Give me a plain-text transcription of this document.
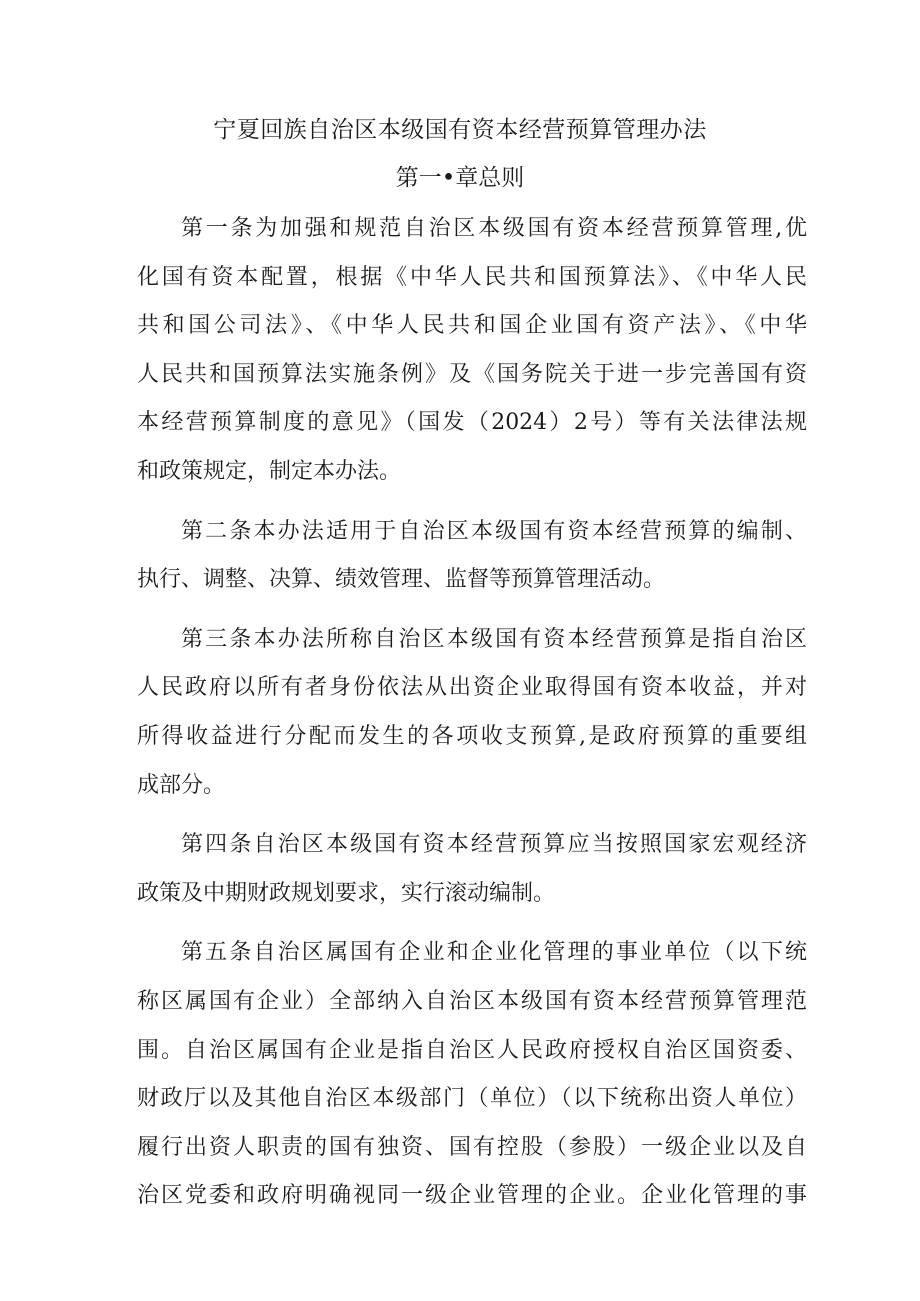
宁夏回族自治区本级国有资本经营预算管理办法
第一•章总则

第一条为加强和规范自治区本级国有资本经营预算管理,优
化国有资本配置，根据《中华人民共和国预算法》、《中华人民
共和国公司法》、《中华人民共和国企业国有资产法》、《中华
人民共和国预算法实施条例》及《国务院关于进一步完善国有资
本经营预算制度的意见》（国发（2024）2号）等有关法律法规
和政策规定，制定本办法。

第二条本办法适用于自治区本级国有资本经营预算的编制、
执行、调整、决算、绩效管理、监督等预算管理活动。

第三条本办法所称自治区本级国有资本经营预算是指自治区
人民政府以所有者身份依法从出资企业取得国有资本收益，并对
所得收益进行分配而发生的各项收支预算,是政府预算的重要组
成部分。

第四条自治区本级国有资本经营预算应当按照国家宏观经济
政策及中期财政规划要求，实行滚动编制。

第五条自治区属国有企业和企业化管理的事业单位（以下统
称区属国有企业）全部纳入自治区本级国有资本经营预算管理范
围。自治区属国有企业是指自治区人民政府授权自治区国资委、
财政厅以及其他自治区本级部门（单位）（以下统称出资人单位）
履行出资人职责的国有独资、国有控股（参股）一级企业以及自
治区党委和政府明确视同一级企业管理的企业。企业化管理的事
